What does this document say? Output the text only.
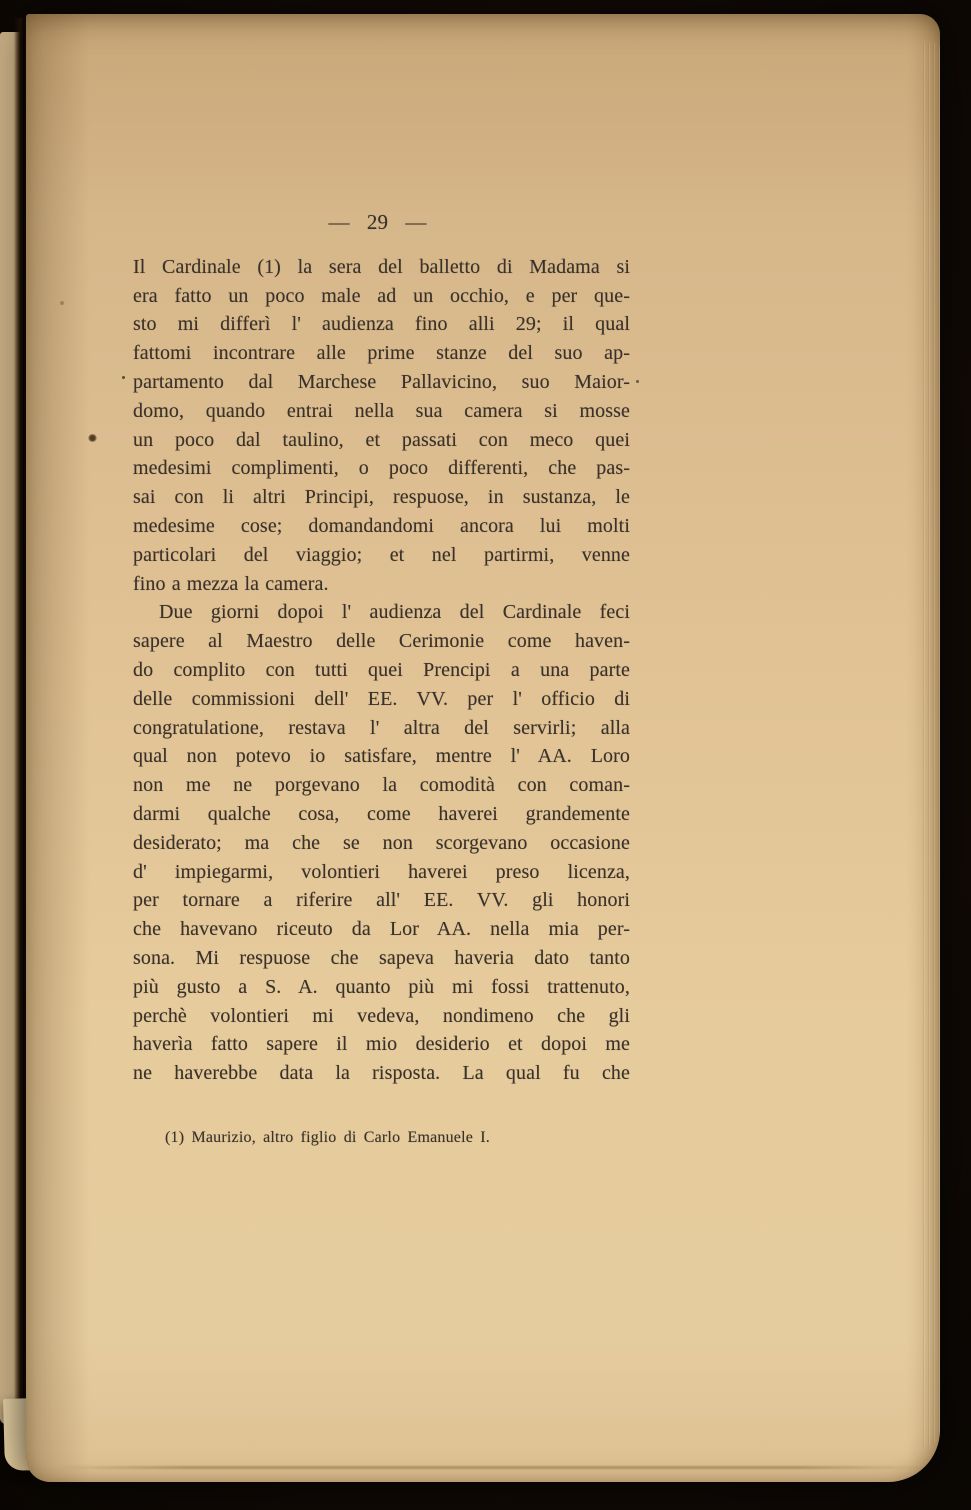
— 29 —
Il Cardinale (1) la sera del balletto di Madama si
era fatto un poco male ad un occhio, e per que-
sto mi differì l' audienza fino alli 29; il qual
fattomi incontrare alle prime stanze del suo ap-
partamento dal Marchese Pallavicino, suo Maior-
domo, quando entrai nella sua camera si mosse
un poco dal taulino, et passati con meco quei
medesimi complimenti, o poco differenti, che pas-
sai con li altri Principi, respuose, in sustanza, le
medesime cose; domandandomi ancora lui molti
particolari del viaggio; et nel partirmi, venne
fino a mezza la camera.
Due giorni dopoi l' audienza del Cardinale feci
sapere al Maestro delle Cerimonie come haven-
do complito con tutti quei Prencipi a una parte
delle commissioni dell' EE. VV. per l' officio di
congratulatione, restava l' altra del servirli; alla
qual non potevo io satisfare, mentre l' AA. Loro
non me ne porgevano la comodità con coman-
darmi qualche cosa, come haverei grandemente
desiderato; ma che se non scorgevano occasione
d' impiegarmi, volontieri haverei preso licenza,
per tornare a riferire all' EE. VV. gli honori
che havevano riceuto da Lor AA. nella mia per-
sona. Mi respuose che sapeva haveria dato tanto
più gusto a S. A. quanto più mi fossi trattenuto,
perchè volontieri mi vedeva, nondimeno che gli
haverìa fatto sapere il mio desiderio et dopoi me
ne haverebbe data la risposta. La qual fu che
(1) Maurizio, altro figlio di Carlo Emanuele I.
